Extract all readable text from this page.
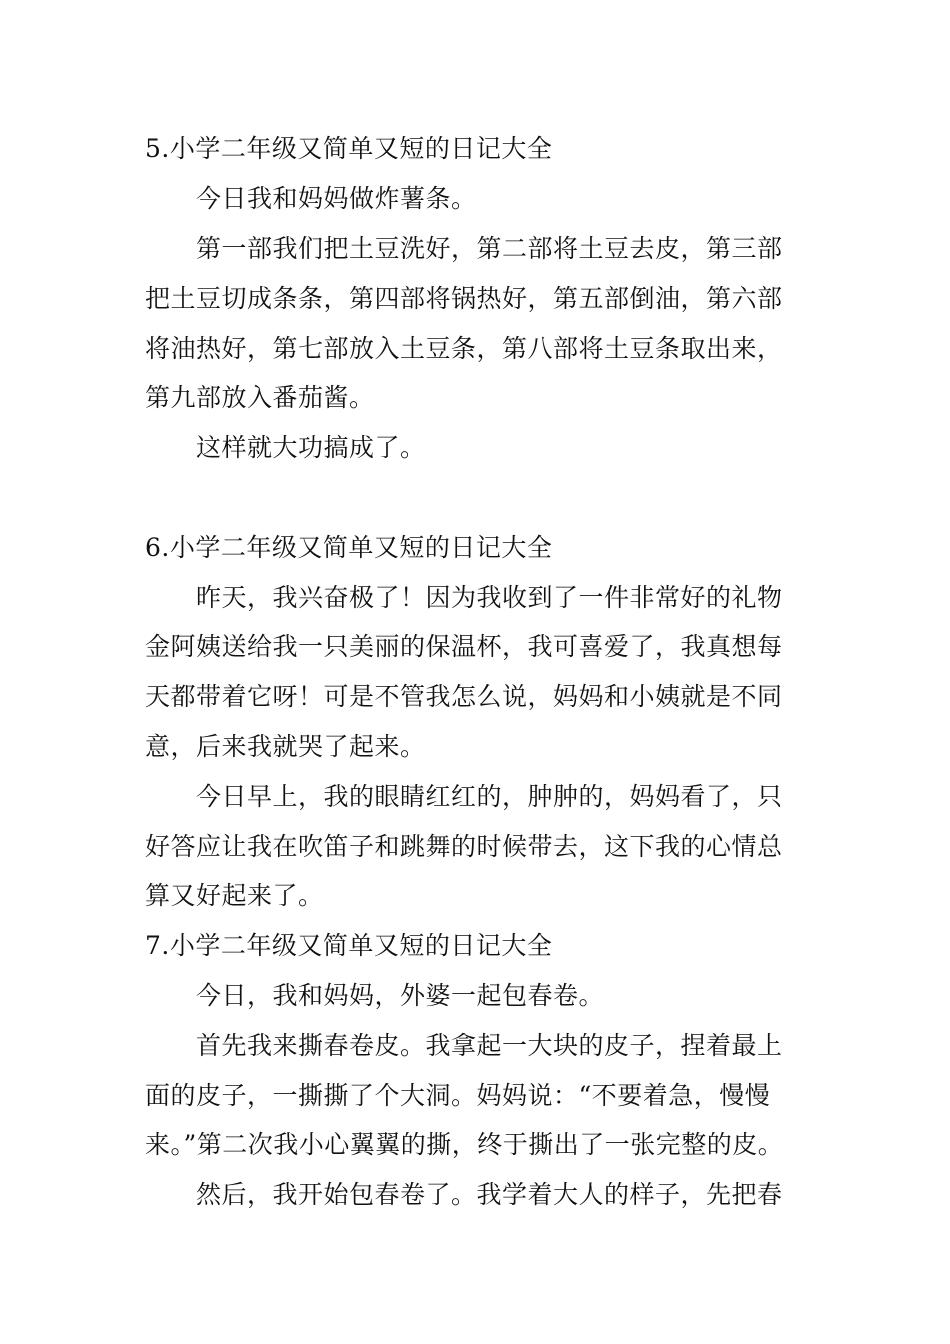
5.小学二年级又简单又短的日记大全
今日我和妈妈做炸薯条。
第一部我们把土豆洗好，第二部将土豆去皮，第三部
把土豆切成条条，第四部将锅热好，第五部倒油，第六部
将油热好，第七部放入土豆条，第八部将土豆条取出来，
第九部放入番茄酱。
这样就大功搞成了。
6.小学二年级又简单又短的日记大全
昨天，我兴奋极了！因为我收到了一件非常好的礼物
金阿姨送给我一只美丽的保温杯，我可喜爱了，我真想每
天都带着它呀！可是不管我怎么说，妈妈和小姨就是不同
意，后来我就哭了起来。
今日早上，我的眼睛红红的，肿肿的，妈妈看了，只
好答应让我在吹笛子和跳舞的时候带去，这下我的心情总
算又好起来了。
7.小学二年级又简单又短的日记大全
今日，我和妈妈，外婆一起包春卷。
首先我来撕春卷皮。我拿起一大块的皮子，捏着最上
面的皮子，一撕撕了个大洞。妈妈说：“不要着急，慢慢
来。”第二次我小心翼翼的撕，终于撕出了一张完整的皮。
然后，我开始包春卷了。我学着大人的样子，先把春
